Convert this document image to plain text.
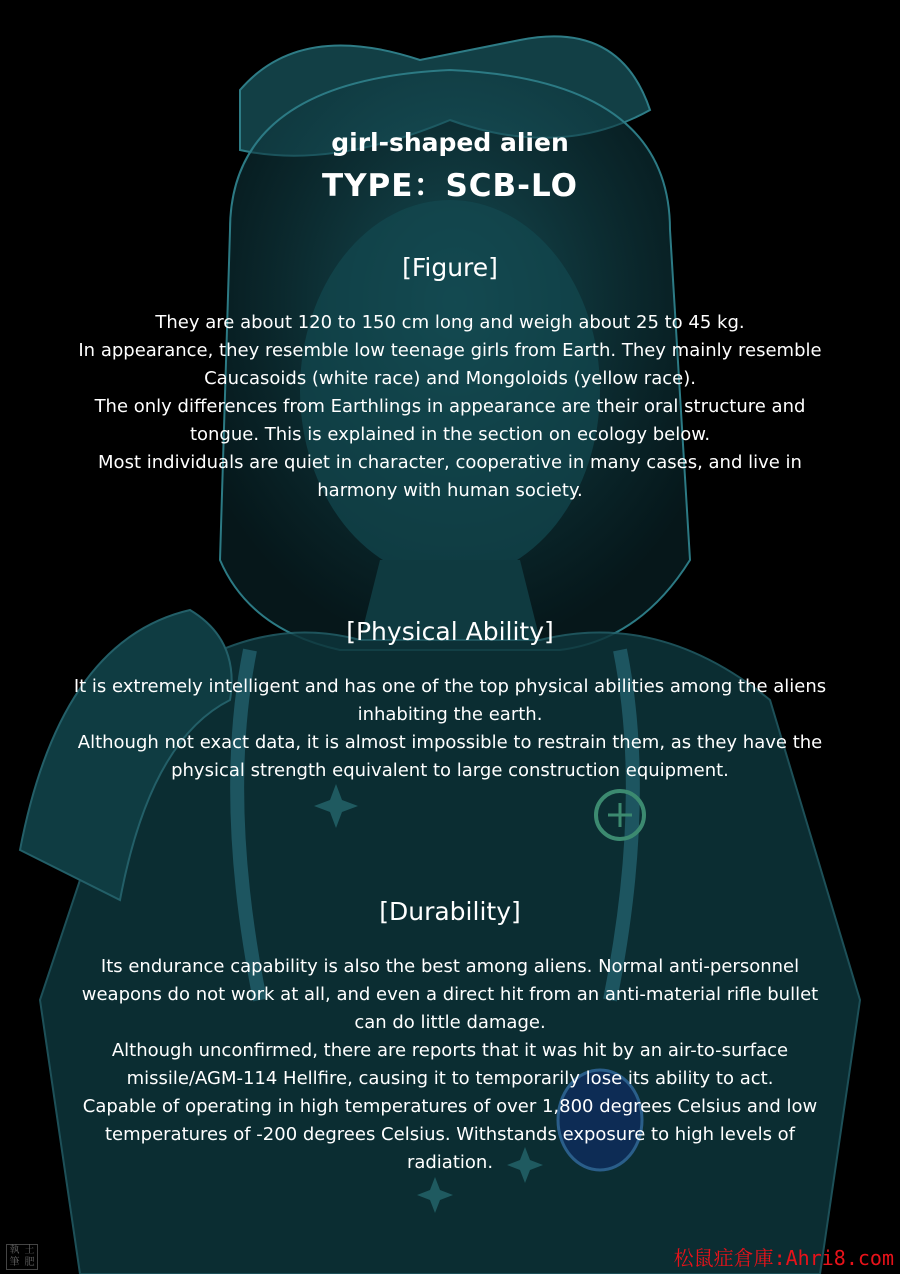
girl-shaped alien
TYPE：SCB-LO
[Figure]
They are about 120 to 150 cm long and weigh about 25 to 45 kg.
In appearance, they resemble low teenage girls from Earth. They mainly resemble
Caucasoids (white race) and Mongoloids (yellow race).
The only differences from Earthlings in appearance are their oral structure and
tongue. This is explained in the section on ecology below.
Most individuals are quiet in character, cooperative in many cases, and live in
harmony with human society.
[Physical Ability]
It is extremely intelligent and has one of the top physical abilities among the aliens
inhabiting the earth.
Although not exact data, it is almost impossible to restrain them, as they have the
physical strength equivalent to large construction equipment.
[Durability]
Its endurance capability is also the best among aliens. Normal anti-personnel
weapons do not work at all, and even a direct hit from an anti-material rifle bullet
can do little damage.
Although unconfirmed, there are reports that it was hit by an air-to-surface
missile/AGM-114 Hellfire, causing it to temporarily lose its ability to act.
Capable of operating in high temperatures of over 1,800 degrees Celsius and low
temperatures of -200 degrees Celsius. Withstands exposure to high levels of
radiation.
執 土
筆 肥	松鼠症倉庫:Ahri8.com
